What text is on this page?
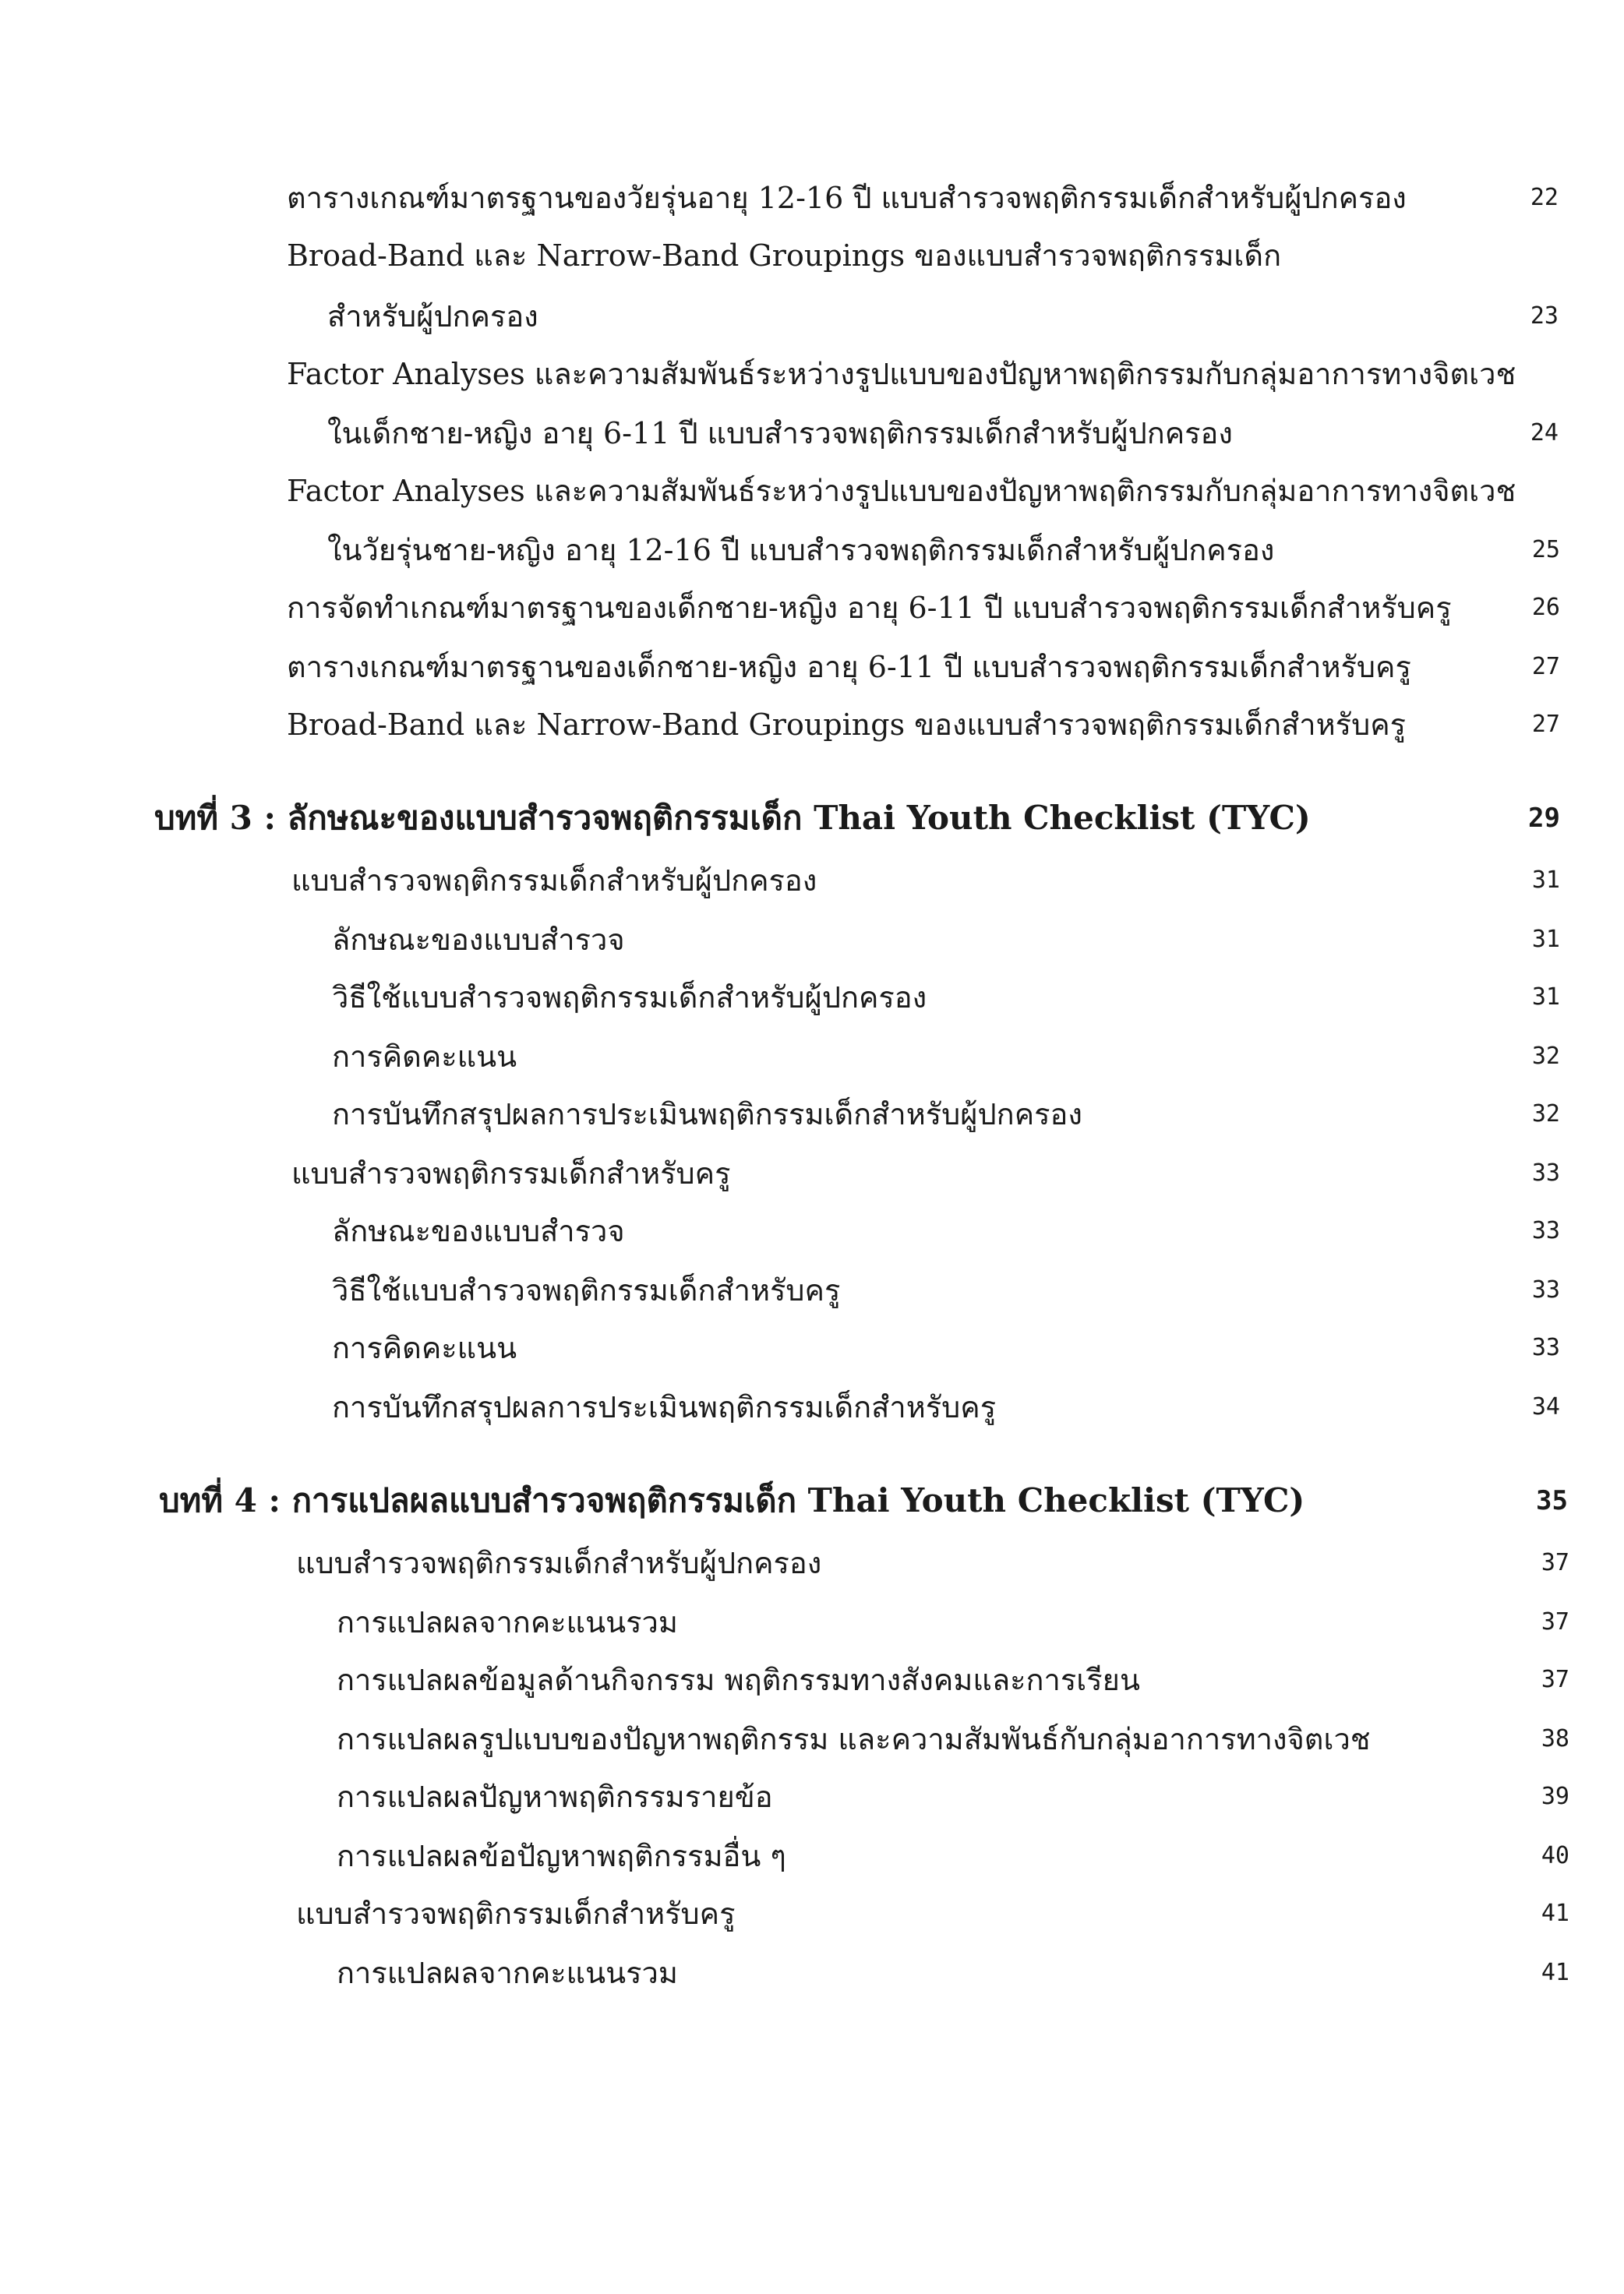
ตารางเกณฑ์มาตรฐานของวัยรุ่นอายุ 12-16 ปี แบบสำรวจพฤติกรรมเด็กสำหรับผู้ปกครอง
Broad-Band และ Narrow-Band Groupings ของแบบสำรวจพฤติกรรมเด็ก
สำหรับผู้ปกครอง
Factor Analyses และความสัมพันธ์ระหว่างรูปแบบของปัญหาพฤติกรรมกับกลุ่มอาการทางจิตเวช
ในเด็กชาย-หญิง อายุ 6-11 ปี แบบสำรวจพฤติกรรมเด็กสำหรับผู้ปกครอง
Factor Analyses และความสัมพันธ์ระหว่างรูปแบบของปัญหาพฤติกรรมกับกลุ่มอาการทางจิตเวช
ในวัยรุ่นชาย-หญิง อายุ 12-16 ปี แบบสำรวจพฤติกรรมเด็กสำหรับผู้ปกครอง
การจัดทำเกณฑ์มาตรฐานของเด็กชาย-หญิง อายุ 6-11 ปี แบบสำรวจพฤติกรรมเด็กสำหรับครู
ตารางเกณฑ์มาตรฐานของเด็กชาย-หญิง อายุ 6-11 ปี แบบสำรวจพฤติกรรมเด็กสำหรับครู
Broad-Band และ Narrow-Band Groupings ของแบบสำรวจพฤติกรรมเด็กสำหรับครู
บทที่ 3 : ลักษณะของแบบสำรวจพฤติกรรมเด็ก Thai Youth Checklist (TYC)
แบบสำรวจพฤติกรรมเด็กสำหรับผู้ปกครอง
ลักษณะของแบบสำรวจ
วิธีใช้แบบสำรวจพฤติกรรมเด็กสำหรับผู้ปกครอง
การคิดคะแนน
การบันทึกสรุปผลการประเมินพฤติกรรมเด็กสำหรับผู้ปกครอง
แบบสำรวจพฤติกรรมเด็กสำหรับครู
ลักษณะของแบบสำรวจ
วิธีใช้แบบสำรวจพฤติกรรมเด็กสำหรับครู
การคิดคะแนน
การบันทึกสรุปผลการประเมินพฤติกรรมเด็กสำหรับครู
บทที่ 4 : การแปลผลแบบสำรวจพฤติกรรมเด็ก Thai Youth Checklist (TYC)
แบบสำรวจพฤติกรรมเด็กสำหรับผู้ปกครอง
การแปลผลจากคะแนนรวม
การแปลผลข้อมูลด้านกิจกรรม พฤติกรรมทางสังคมและการเรียน
การแปลผลรูปแบบของปัญหาพฤติกรรม และความสัมพันธ์กับกลุ่มอาการทางจิตเวช
การแปลผลปัญหาพฤติกรรมรายข้อ
การแปลผลข้อปัญหาพฤติกรรมอื่น ๆ
แบบสำรวจพฤติกรรมเด็กสำหรับครู
การแปลผลจากคะแนนรวม
22
23
24
25
26
27
27
29
31
31
31
32
32
33
33
33
33
34
35
37
37
37
38
39
40
41
41
